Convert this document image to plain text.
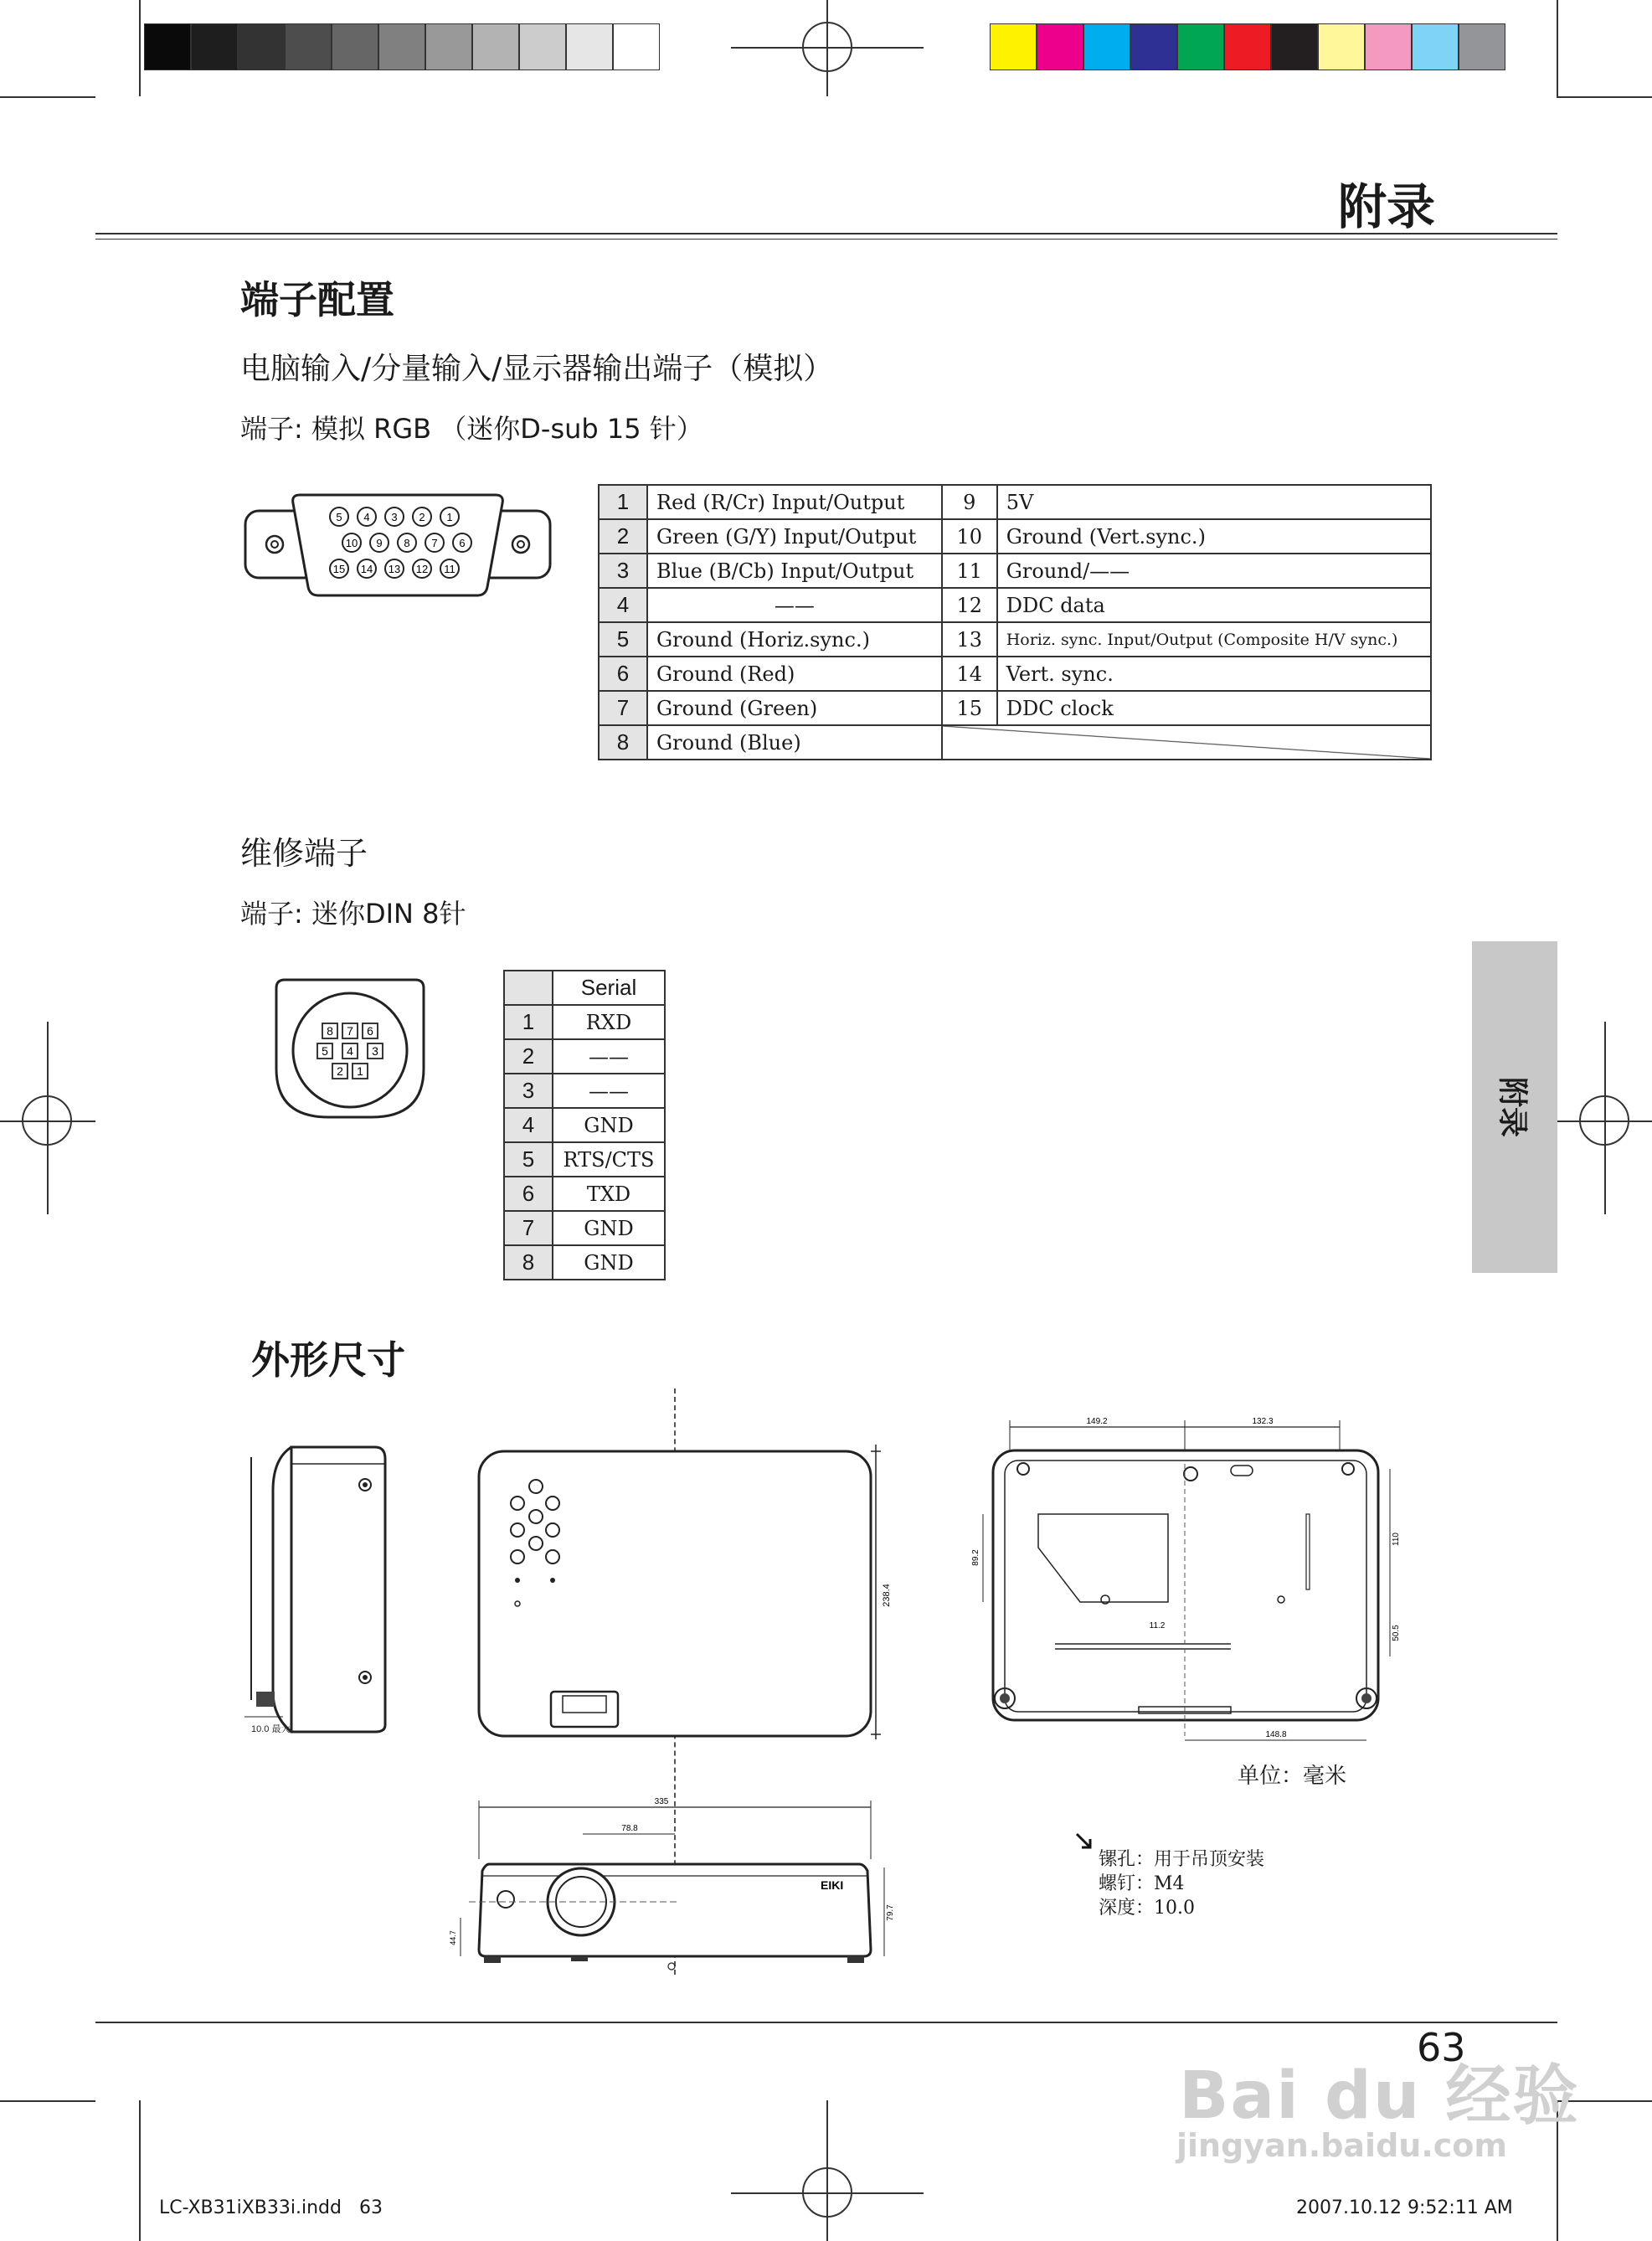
附录
附录
端子配置
电脑输入/分量输入/显示器输出端子（模拟）
端子: 模拟 RGB （迷你D-sub 15 针）
5 4 3 2 1
10 9 8 7 6
15 14 13 12 11
1	Red (R/Cr) Input/Output	9	5V
2	Green (G/Y) Input/Output	10	Ground (Vert.sync.)
3	Blue (B/Cb) Input/Output	11	Ground/——
4	——	12	DDC data
5	Ground (Horiz.sync.)	13	Horiz. sync. Input/Output (Composite H/V sync.)
6	Ground (Red)	14	Vert. sync.
7	Ground (Green)	15	DDC clock
8	Ground (Blue)		
维修端子
端子: 迷你DIN 8针
8 7 6
5 4 3
2 1
	Serial
1	RXD
2	——
3	——
4	GND
5	RTS/CTS
6	TXD
7	GND
8	GND
外形尺寸
10.0 最大
238.4
149.2	132.3
89.2
110
50.5
148.8
11.2
单位：毫米
335
78.8
EIKI
79.7
44.7
镙孔：用于吊顶安装
螺钉：M4
深度：10.0
63
Bai du 经验
jingyan.baidu.com
LC-XB31iXB33i.indd 63	2007.10.12 9:52:11 AM
